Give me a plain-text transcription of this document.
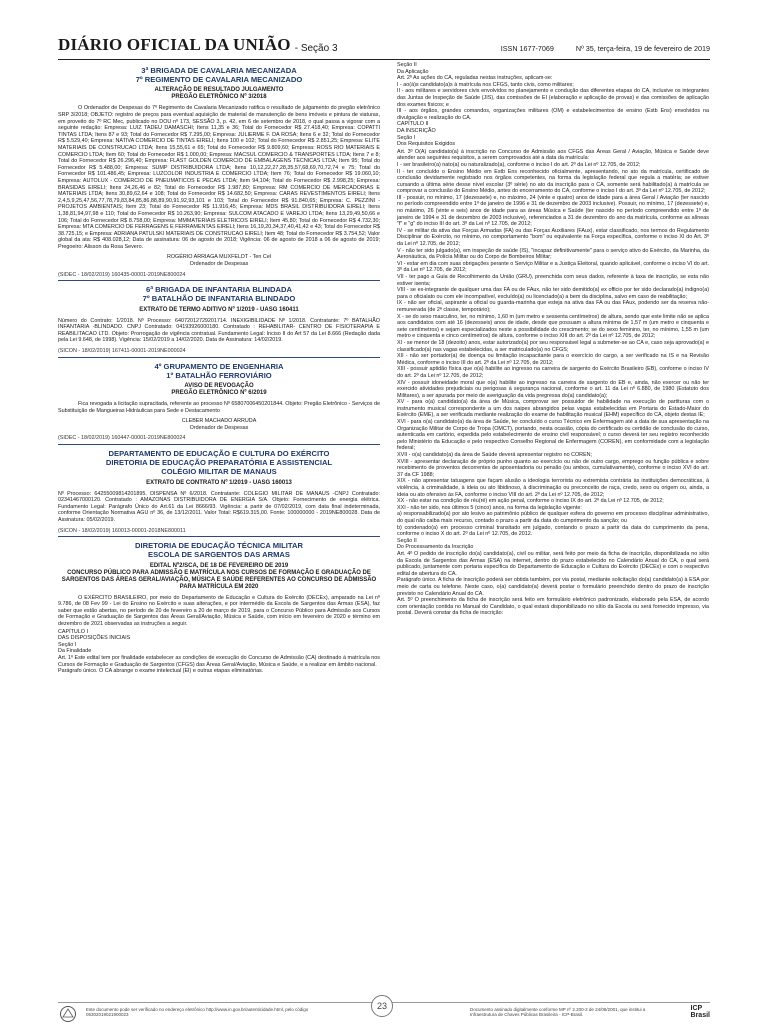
DIÁRIO OFICIAL DA UNIÃO - Seção 3	ISSN 1677-7069	Nº 35, terça-feira, 19 de fevereiro de 2019
3ª BRIGADA DE CAVALARIA MECANIZADA
7º REGIMENTO DE CAVALARIA MECANIZADO
ALTERAÇÃO DE RESULTADO JULGAMENTO
PREGÃO ELETRÔNICO Nº 3/2018

O Ordenador de Despesas do 7º Regimento de Cavalaria Mecanizado ratifica o resultado de julgamento do pregão eletrônico SRP 3/2018; OBJETO: registro de preços para eventual aquisição de material de manutenção de bens imóveis e pintura de viaturas, em proveito do 7º RC Mec, publicado no DOU nº 173, SESSÃO 3, p. 42, em 6 de setembro de 2018, o qual passa a vigorar com a seguinte redação: Empresa: LUIZ TADEU DAMASCHI; Itens 11,35 e 36; Total do Fornecedor R$ 27.418,40; Empresa: COPATTI TINTAS LTDA; Itens 87 e 93; Total do Fornecedor R$ 7.295,00; Empresa: JULIERME F. DA ROSA; Itens 6 e 32; Total do Fornecedor R$ 5.529,40; Empresa: NATIVA COMERCIO DE TINTAS EIRELI; Itens 100 e 102; Total do Fornecedor R$ 2.851,25; Empresa: ELITE MATERIAIS DE CONSTRUCAO LTDA; Itens 15,55,61 e 65; Total do Fornecedor R$ 9.809,60; Empresa: ROSS RIO MATERIAIS E COMERCIO LTDA; Item 60; Total do Fornecedor R$ 1.000,00; Empresa: MACSUL COMERCIO & TRANSPORTES LTDA; Itens 7 e 8; Total do Fornecedor R$ 26.296,40; Empresa: FLAST GOLDEN COMERCIO DE EMBALAGENS TECNICAS LTDA; Item 95; Total do Fornecedor R$ 5.488,00; Empresa: SUMP DISTRIBUIDORA LTDA; Itens 10,12,22,27,28,35,57,68,69,70,72,74 e 75; Total do Fornecedor R$ 101.486,45; Empresa: LUZCOLOR INDUSTRIA E COMERCIO LTDA; Item 76; Total do Fornecedor R$ 19.060,10; Empresa: AUTOLUX - COMERCIO DE PNEUMATICOS E PECAS LTDA; Item 94,104; Total do Fornecedor R$ 2.998,25; Empresa: BRASIDAS EIRELI; Itens 24,26,46 e 82; Total do Fornecedor R$ 1.987,80; Empresa: RM COMERCIO DE MERCADORIAS E MATERIAIS LTDA; Itens 30,89,62,64 e 108; Total do Fornecedor R$ 14.682,50; Empresa: CARAS REVESTIMENTOS EIRELI; Itens 2,4,5,9,25,47,56,77,78,79,83,84,85,86,88,89,90,91,92,93,101 e 103; Total do Fornecedor R$ 91.840,65; Empresa: C. PEZZINI - PROJETOS AMBIENTAIS; Item 23; Total do Fornecedor R$ 11.916,45; Empresa: MDS BRASIL DISTRIBUIDORA EIRELI; Itens 1,38,81,94,97,98 e 110; Total do Fornecedor R$ 10.263,90; Empresa: SULCOM ATACADO E VAREJO LTDA; Itens 13,29,49,50,66 e 106; Total do Fornecedor R$ 8.758,00; Empresa: MMMATERIAIS ELETRICOS EIRELI; Item 45,80; Total do Fornecedor R$ 4.732,30; Empresa: MTA COMERCIO DE FERRAGENS E FERRAMENTAS EIRELI; Itens 16,19,20,34,37,40,41,42 e 43; Total do Fornecedor R$ 38.725,15; e Empresa: ADRIANA PATULSKI MATERIAIS DE CONSTRUCAO EIRELI; Item 48; Total do Fornecedor R$ 3.754,52; Valor global da ata: R$ 408.028,12; Data de assinatura: 06 de agosto de 2018; Vigência: 06 de agosto de 2018 a 06 de agosto de 2019; Pregoeiro: Alisson da Rosa Severo.

ROGÉRIO ARRIAGA MUXFELDT - Ten Cel
Ordenador de Despesas
(SIDEC - 18/02/2019) 160435-00001-2019NE800024
6ª BRIGADA DE INFANTARIA BLINDADA
7º BATALHÃO DE INFANTARIA BLINDADO
EXTRATO DE TERMO ADITIVO Nº 1/2019 - UASG 160411

Número do Contrato: 1/2018. Nº Processo: 64072012729201714. INEXIGIBILIDADE Nº 1/2018. Contratante: 7º BATALHÃO INFANTARIA -BLINDADO. CNPJ Contratado: 04193926000180. Contratado : REHABILITAR- CENTRO DE FISIOTERAPIA E REABILITACAO LTD. Objeto: Prorrogação de vigência contratual. Fundamento Legal: Inciso II do Art 57 da Lei 8.666 (Redação dada pela Lei 9.648, de 1998). Vigência: 15/02/2019 a 14/02/2020. Data de Assinatura: 14/02/2019.

(SICON - 18/02/2019) 167411-00001-2019NE000024
4º GRUPAMENTO DE ENGENHARIA
1º BATALHÃO FERROVIÁRIO
AVISO DE REVOGAÇÃO
PREGÃO ELETRÔNICO Nº 6/2019

Fica revogada a licitação supracitada, referente ao processo Nº 65807006450201844. Objeto: Pregão Eletrônico - Serviços de Substituição de Mangueiras Hidráulicas para Sede e Destacamento

CLEBER MACHADO ARRUDA
Ordenador de Despesas
(SIDEC - 18/02/2019) 160447-00001-2019NE800024
DEPARTAMENTO DE EDUCAÇÃO E CULTURA DO EXÉRCITO
DIRETORIA DE EDUCAÇÃO PREPARATÓRIA E ASSISTENCIAL
COLÉGIO MILITAR DE MANAUS
EXTRATO DE CONTRATO Nº 1/2019 - UASG 160013

Nº Processo: 64255009814201895. DISPENSA Nº 6/2018. Contratante: COLEGIO MILITAR DE MANAUS -CNPJ Contratado: 02341467000120. Contratado : AMAZONAS DISTRIBUIDORA DE ENERGIA S/A. Objeto: Fornecimento de energia elétrica. Fundamento Legal: Parágrafo Único do Art.61 da Lei 8666/93. Vigência: a partir de 07/02/2019, com data final indeterminada, conforme Orientação Normativa AGU nº 36, de 13/12/2011. Valor Total: R$619.315,00. Fonte: 100000000 - 2019NE800028. Data de Assinatura: 05/02/2019.

(SICON - 18/02/2019) 160013-00001-2018NE800011
DIRETORIA DE EDUCAÇÃO TÉCNICA MILITAR
ESCOLA DE SARGENTOS DAS ARMAS
EDITAL Nº2/SCA, DE 18 DE FEVEREIRO DE 2019
CONCURSO PÚBLICO PARA ADMISSÃO E MATRÍCULA NOS CURSOS DE FORMAÇÃO E GRADUAÇÃO DE SARGENTOS DAS ÁREAS GERAL/AVIAÇÃO, MÚSICA E SAÚDE REFERENTES AO CONCURSO DE ADMISSÃO PARA MATRÍCULA EM 2020

O EXÉRCITO BRASILEIRO, por meio do Departamento de Educação e Cultura do Exército (DECEx), amparado na Lei nº 9.786, de 08 Fev 99 - Lei do Ensino no Exército e suas alterações, e por intermédio da Escola de Sargentos das Armas (ESA), faz saber que estão abertas, no período de 20 de fevereiro a 20 de março de 2019, para o Concurso Público para Admissão aos Cursos de Formação e Graduação de Sargentos das Áreas Geral/Aviação, Música e Saúde, com início em fevereiro de 2020 e término em dezembro de 2021 observadas as instruções a seguir.

CAPÍTULO I
DAS DISPOSIÇÕES INICIAIS
Seção I
Da Finalidade
Art. 1º Este edital tem por finalidade estabelecer as condições de execução do Concurso de Admissão (CA) destinado à matrícula nos Cursos de Formação e Graduação de Sargentos (CFGS) das Áreas Geral/Aviação, Música e Saúde, e a realizar em âmbito nacional.
Parágrafo único. O CA abrange o exame intelectual (EI) e outras etapas eliminatórias.

Seção II
Da Aplicação
Art. 2º As ações do CA, reguladas nestas instruções, aplicam-se:
I - ao(à)s candidato(a)s à matrícula nos CFGS, tanto civis, como militares;
II - aos militares e servidores civis envolvidos no planejamento e condução das diferentes etapas do CA, inclusive os integrantes das Juntas de Inspeção de Saúde (JIS), das comissões de EI (elaboração e aplicação de provas) e das comissões de aplicação dos exames físicos; e
III - aos órgãos, grandes comandos, organizações militares (OM) e estabelecimentos de ensino (Estb Ens) envolvidos na divulgação e realização do CA.
CAPÍTULO II
DA INSCRIÇÃO
Seção I
Dos Requisitos Exigidos

Art. 3º O(A) candidato(a) à inscrição no Concurso de Admissão aos CFGS das Áreas Geral / Aviação, Música e Saúde deve atender aos seguintes requisitos, a serem comprovados até a data da matrícula:
I - ser brasileiro(a) nato(a) ou naturalizado(a), conforme o inciso I do art. 2º da Lei nº 12.705, de 2012;
II - ter concluído o Ensino Médio em Estb Ens reconhecido oficialmente, apresentando, no ato da matrícula, certificado de conclusão devidamente registrado nos órgãos competentes, na forma da legislação federal que regula a matéria; se estiver cursando a última série desse nível escolar (3º série) no ato da inscrição para o CA, somente será habilitado(a) à matrícula se comprovar a conclusão do Ensino Médio, antes do encerramento do CA, conforme o inciso I do art. 3º da Lei nº 12.705, de 2012;
III - possuir, no mínimo, 17 (dezessete) e, no máximo, 24 (vinte e quatro) anos de idade para a área Geral / Aviação (ter nascido no período compreendido entre 1º de janeiro de 1996 e 31 de dezembro de 2003 inclusive). Possuir, no mínimo, 17 (dezessete) e, no máximo, 26 (vinte e seis) anos de idade para as áreas Música e Saúde (ter nascido no período compreendido entre 1º de janeiro de 1994 e 31 de dezembro de 2003 inclusive), referenciados a 31 de dezembro do ano da matrícula, conforme as alíneas "f" e "g" do inciso III do art. 3º da Lei nº 12.705, de 2012;
IV - se militar da ativa das Forças Armadas (FA) ou das Forças Auxiliares (FAux), estar classificado, nos termos do Regulamento Disciplinar do Exército, no mínimo, no comportamento "bom" ou equivalente na Força específica, conforme o inciso XI do Art. 3º da Lei nº 12.705, de 2012;
V - não ter sido julgado(a), em inspeção de saúde (IS), "incapaz definitivamente" para o serviço ativo do Exército, da Marinha, da Aeronáutica, da Polícia Militar ou do Corpo de Bombeiros Militar;
VI - estar em dia com suas obrigações perante o Serviço Militar e a Justiça Eleitoral, quando aplicável, conforme o inciso VI do art. 3º da Lei nº 12.705, de 2012;
VII - ter pago a Guia de Recolhimento da União (GRU), preenchida com seus dados, referente à taxa de inscrição, se esta não estiver isenta;
VIII - se ex-integrante de qualquer uma das FA ou de FAux, não ter sido demitido(a) ex officio por ter sido declarado(a) indigno(a) para o oficialato ou com ele incompatível, excluído(a) ou licenciado(a) a bem da disciplina, salvo em caso de reabilitação;
IX - não ser oficial, aspirante a oficial ou guarda-marinha que esteja na ativa das FA ou das FAux, podendo ser da reserva não-remunerada (de 2ª classe, temporário);
X - se do sexo masculino, ter, no mínimo, 1,60 m (um metro e sessenta centímetros) de altura, sendo que este limite não se aplica aos candidatos com até 16 (dezesseis) anos de idade, desde que possuam a altura mínima de 1,57 m (um metro e cinquenta e sete centímetros) e sejam especializados neste a possibilidade do crescimento; se do sexo feminino, ter, no mínimo, 1,55 m (um metro e cinquenta e cinco centímetros) de altura, conforme o inciso XIII do art. 2º da Lei nº 12.705, de 2012;
XI - se menor de 18 (dezoito) anos, estar autorizado(a) por seu responsável legal a submeter-se ao CA e, caso seja aprovado(a) e classificado(a) nas vagas estabelecidas, a ser matriculado(a) no CFGS;
XII - não ser portador(a) de doença ou limitação incapacitante para o exercício do cargo, a ser verificado na IS e na Revisão Médica, conforme o inciso III do art. 2º da Lei nº 12.705, de 2012;
XIII - possuir aptidão física que o(a) habilite ao ingresso na carreira de sargento do Exército Brasileiro (EB), conforme o inciso IV do art. 2º da Lei nº 12.705, de 2012;
XIV - possuir idoneidade moral que o(a) habilite ao ingresso na carreira de sargento do EB e, ainda, não exercer ou não ter exercido atividades prejudiciais ou perigosas à segurança nacional, conforme o art. 11 da Lei nº 6.880, de 1980 (Estatuto dos Militares), a ser apurada por meio de averiguação da vida pregressa do(a) candidato(a);
XV - para o(a) candidato(a) da área de Música, comprovar ser possuidor de habilidade na execução de partituras com o instrumento musical correspondente a um dos naipes abrangidos pelas vagas estabelecidas em Portaria do Estado-Maior do Exército (EME), a ser verificada mediante realização do exame de habilitação musical (EHM) específico do CA, objeto destas IE;
XVI - para o(a) candidato(a) da área de Saúde, ter concluído o curso Técnico em Enfermagem até a data de sua apresentação na Organização Militar de Corpo de Tropa (OMCT), portando, nesta ocasião, cópia do certificado ou certidão de conclusão do curso, autenticada em cartório, expedida pelo estabelecimento de ensino civil responsável; o curso deverá ter seu registro reconhecido pelo Ministério da Educação e pelo respectivo Conselho Regional de Enfermagem (COREN), em conformidade com a legislação federal;
XVII - o(a) candidato(a) da área de Saúde deverá apresentar registro no COREN;
XVIII - apresentar declaração de próprio punho quanto ao exercício ou não de outro cargo, emprego ou função pública e sobre recebimento de proventos decorrentes de aposentadoria ou pensão (ou ambos, cumulativamente), conforme o inciso XVI do art. 37 da CF 1988;
XIX - não apresentar tatuagens que façam alusão a ideologia terrorista ou extremista contrária às instituições democráticas, à violência, à criminalidade, à ideia ou ato libidinoso, à discriminação ou preconceito de raça, credo, sexo ou origem ou, ainda, a ideia ou ato ofensivo às FA, conforme o inciso VIII do art. 2º da Lei nº 12.705, de 2012;
XX - não estar na condição de réu(ré) em ação penal, conforme o inciso IX do art. 2º da Lei nº 12.705, de 2012;
XXI - não ter sido, nos últimos 5 (cinco) anos, na forma da legislação vigente:
a) responsabilizado(a) por ato lesivo ao patrimônio público de qualquer esfera do governo em processo disciplinar administrativo, do qual não caiba mais recurso, contado o prazo a partir da data do cumprimento da sanção; ou
b) condenado(a) em processo criminal transitado em julgado, contando o prazo a partir da data do cumprimento da pena, conforme o inciso X do art. 2º da Lei nº 12.705, de 2012.
Seção II
Do Processamento da Inscrição
Art. 4º O pedido de inscrição do(a) candidato(a), civil ou militar, será feito por meio da ficha de inscrição, disponibilizada no sítio da Escola de Sargentos das Armas (ESA) na internet, dentro do prazo estabelecido no Calendário Anual do CA, o qual será publicado, juntamente com portaria específica do Departamento de Educação e Cultura do Exército (DECEx) e com o respectivo edital de abertura do CA.
Parágrafo único. A ficha de inscrição poderá ser obtida também, por via postal, mediante solicitação do(a) candidato(a) à ESA por meio de carta ou telefone. Neste caso, o(a) candidato(a) deverá postar o formulário preenchido dentro do prazo de inscrição previsto no Calendário Anual do CA.
Art. 5º O preenchimento da ficha de inscrição será feito em formulário eletrônico padronizado, elaborado pela ESA, de acordo com orientação contida no Manual do Candidato, o qual estará disponibilizado no sítio da Escola ou será fornecido impresso, via postal. Deverá constar da ficha de inscrição:

Este documento pode ser verificado no endereço eletrônico http://www.in.gov.br/autenticidade.html, pelo código 05302019021900023
23	Documento assinado digitalmente conforme MP nº 2.200-2 de 24/08/2001, que institui a Infraestrutura de Chaves Públicas Brasileira - ICP-Brasil.
ICP
Brasil
